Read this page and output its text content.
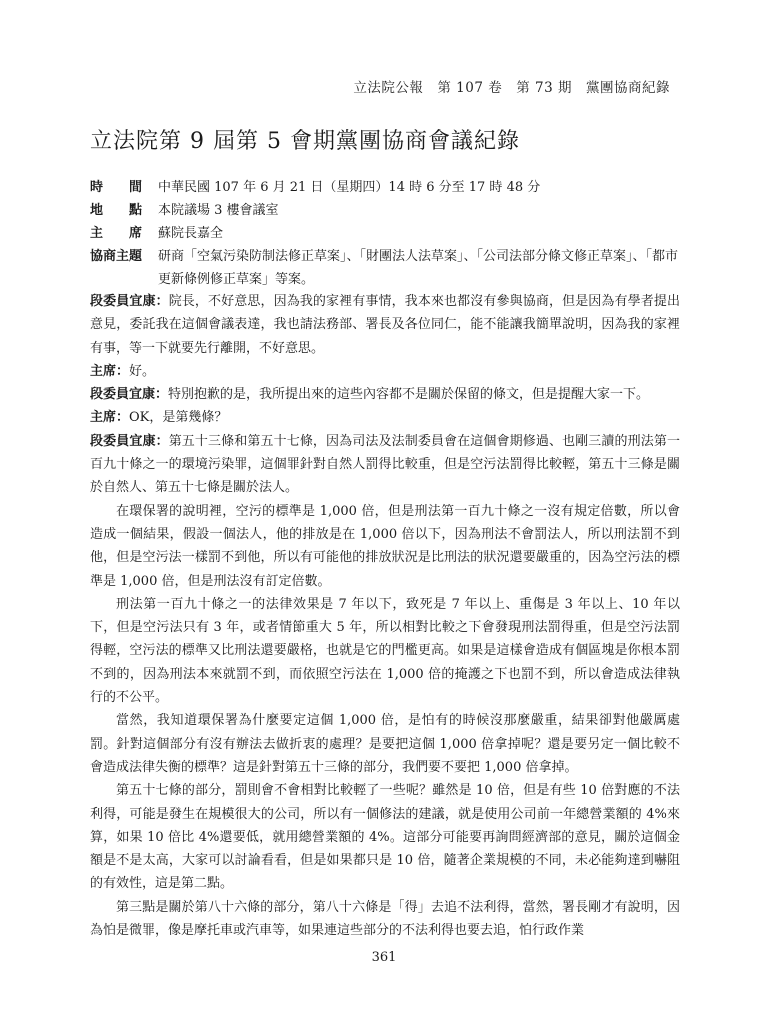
立法院公報　第 107 卷　第 73 期　黨團協商紀錄
立法院第 9 屆第 5 會期黨團協商會議紀錄
時　　間	中華民國 107 年 6 月 21 日（星期四）14 時 6 分至 17 時 48 分
地　　點	本院議場 3 樓會議室
主　　席	蘇院長嘉全
協商主題	研商「空氣污染防制法修正草案」、「財團法人法草案」、「公司法部分條文修正草案」、「都市更新條例修正草案」等案。

段委員宜康：院長，不好意思，因為我的家裡有事情，我本來也都沒有參與協商，但是因為有學者提出意見，委託我在這個會議表達，我也請法務部、署長及各位同仁，能不能讓我簡單說明，因為我的家裡有事，等一下就要先行離開，不好意思。

主席：好。

段委員宜康：特別抱歉的是，我所提出來的這些內容都不是關於保留的條文，但是提醒大家一下。

主席：OK，是第幾條？

段委員宜康：第五十三條和第五十七條，因為司法及法制委員會在這個會期修過、也剛三讀的刑法第一百九十條之一的環境污染罪，這個罪針對自然人罰得比較重，但是空污法罰得比較輕，第五十三條是關於自然人、第五十七條是關於法人。

在環保署的說明裡，空污的標準是 1,000 倍，但是刑法第一百九十條之一沒有規定倍數，所以會造成一個結果，假設一個法人，他的排放是在 1,000 倍以下，因為刑法不會罰法人，所以刑法罰不到他，但是空污法一樣罰不到他，所以有可能他的排放狀況是比刑法的狀況還要嚴重的，因為空污法的標準是 1,000 倍，但是刑法沒有訂定倍數。

刑法第一百九十條之一的法律效果是 7 年以下，致死是 7 年以上、重傷是 3 年以上、10 年以下，但是空污法只有 3 年，或者情節重大 5 年，所以相對比較之下會發現刑法罰得重，但是空污法罰得輕，空污法的標準又比刑法還要嚴格，也就是它的門檻更高。如果是這樣會造成有個區塊是你根本罰不到的，因為刑法本來就罰不到，而依照空污法在 1,000 倍的掩護之下也罰不到，所以會造成法律執行的不公平。

當然，我知道環保署為什麼要定這個 1,000 倍，是怕有的時候沒那麼嚴重，結果卻對他嚴厲處罰。針對這個部分有沒有辦法去做折衷的處理？是要把這個 1,000 倍拿掉呢？還是要另定一個比較不會造成法律失衡的標準？這是針對第五十三條的部分，我們要不要把 1,000 倍拿掉。

第五十七條的部分，罰則會不會相對比較輕了一些呢？雖然是 10 倍，但是有些 10 倍對應的不法利得，可能是發生在規模很大的公司，所以有一個修法的建議，就是使用公司前一年總營業額的 4%來算，如果 10 倍比 4%還要低，就用總營業額的 4%。這部分可能要再詢問經濟部的意見，關於這個金額是不是太高，大家可以討論看看，但是如果都只是 10 倍，隨著企業規模的不同，未必能夠達到嚇阻的有效性，這是第二點。

第三點是關於第八十六條的部分，第八十六條是「得」去追不法利得，當然，署長剛才有說明，因為怕是微罪，像是摩托車或汽車等，如果連這些部分的不法利得也要去追，怕行政作業

361
